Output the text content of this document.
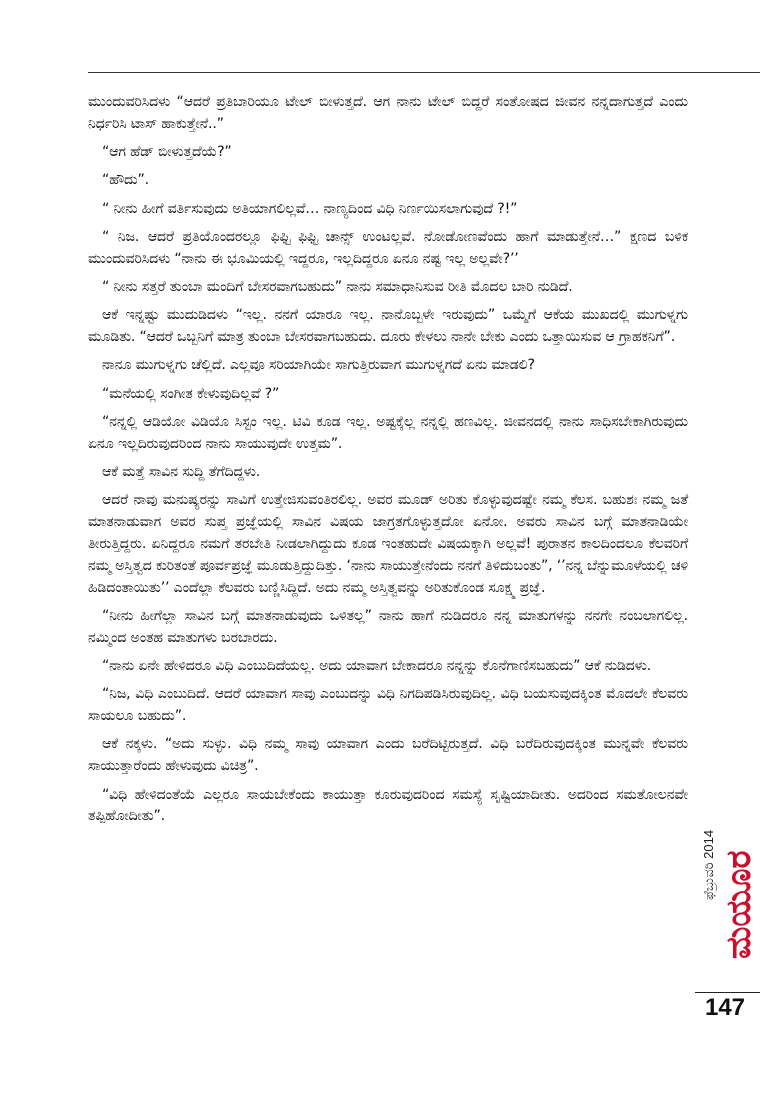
ಮುಂದುವರಿಸಿದಳು “ಆದರೆ ಪ್ರತಿಬಾರಿಯೂ ಟೇಲ್ ಬೀಳುತ್ತದೆ. ಆಗ ನಾನು ಟೇಲ್ ಬಿದ್ದರೆ ಸಂತೋಷದ ಜೀವನ ನನ್ನದಾಗುತ್ತದೆ ಎಂದು ನಿರ್ಧರಿಸಿ ಟಾಸ್ ಹಾಕುತ್ತೇನೆ..”

“ಆಗ ಹೆಡ್ ಬೀಳುತ್ತದೆಯೆ?”

“ಹೌದು”.

“ ನೀನು ಹೀಗೆ ವರ್ತಿಸುವುದು ಅತಿಯಾಗಲಿಲ್ಲವೆ… ನಾಣ್ಯದಿಂದ ವಿಧಿ ನಿರ್ಣಯಿಸಲಾಗುವುದೆ ?!”

“ ನಿಜ. ಆದರೆ ಪ್ರತಿಯೊಂದರಲ್ಲೂ ಫಿಫ್ಟಿ ಫಿಫ್ಟಿ ಚಾನ್ಸ್ ಉಂಟಲ್ಲವೆ. ನೋಡೋಣವೆಂದು ಹಾಗೆ ಮಾಡುತ್ತೇನೆ…” ಕ್ಷಣದ ಬಳಿಕ ಮುಂದುವರಿಸಿದಳು “ನಾನು ಈ ಭೂಮಿಯಲ್ಲಿ ಇದ್ದರೂ, ಇಲ್ಲದಿದ್ದರೂ ಏನೂ ನಷ್ಟ ಇಲ್ಲ ಅಲ್ಲವೇ?’’

“ ನೀನು ಸತ್ತರೆ ತುಂಬಾ ಮಂದಿಗೆ ಬೇಸರವಾಗಬಹುದು” ನಾನು ಸಮಾಧಾನಿಸುವ ರೀತಿ ಮೊದಲ ಬಾರಿ ನುಡಿದೆ.

ಆಕೆ ಇನ್ನಷ್ಟು ಮುದುಡಿದಳು “ಇಲ್ಲ. ನನಗೆ ಯಾರೂ ಇಲ್ಲ. ನಾನೊಬ್ಬಳೇ ಇರುವುದು” ಒಮ್ಮೆಗೆ ಆಕೆಯ ಮುಖದಲ್ಲಿ ಮುಗುಳ್ನಗು ಮೂಡಿತು. “ಆದರೆ ಒಬ್ಬನಿಗೆ ಮಾತ್ರ ತುಂಬಾ ಬೇಸರವಾಗಬಹುದು. ದೂರು ಕೇಳಲು ನಾನೇ ಬೇಕು ಎಂದು ಒತ್ತಾಯಿಸುವ ಆ ಗ್ರಾಹಕನಿಗೆ”.

ನಾನೂ ಮುಗುಳ್ನಗು ಚೆಲ್ಲಿದೆ. ಎಲ್ಲವೂ ಸರಿಯಾಗಿಯೇ ಸಾಗುತ್ತಿರುವಾಗ ಮುಗುಳ್ನಗದೆ ಏನು ಮಾಡಲಿ?

“ಮನೆಯಲ್ಲಿ ಸಂಗೀತ ಕೇಳುವುದಿಲ್ಲವೆ ?”

“ನನ್ನಲ್ಲಿ ಆಡಿಯೋ ವಿಡಿಯೊ ಸಿಸ್ಟಂ ಇಲ್ಲ. ಟಿವಿ ಕೂಡ ಇಲ್ಲ. ಅಷ್ಟಕ್ಕೆಲ್ಲ ನನ್ನಲ್ಲಿ ಹಣವಿಲ್ಲ. ಜೀವನದಲ್ಲಿ ನಾನು ಸಾಧಿಸಬೇಕಾಗಿರುವುದು ಏನೂ ಇಲ್ಲದಿರುವುದರಿಂದ ನಾನು ಸಾಯುವುದೇ ಉತ್ತಮ”.

ಆಕೆ ಮತ್ತೆ ಸಾವಿನ ಸುದ್ದಿ ತೆಗೆದಿದ್ದಳು.

ಆದರೆ ನಾವು ಮನುಷ್ಯರನ್ನು ಸಾವಿಗೆ ಉತ್ತೇಜಿಸುವಂತಿರಲಿಲ್ಲ. ಅವರ ಮೂಡ್ ಅರಿತು ಕೊಳ್ಳುವುದಷ್ಟೇ ನಮ್ಮ ಕೆಲಸ. ಬಹುಶಃ ನಮ್ಮ ಜತೆ ಮಾತನಾಡುವಾಗ ಅವರ ಸುಪ್ತ ಪ್ರಜ್ಞೆಯಲ್ಲಿ ಸಾವಿನ ವಿಷಯ ಜಾಗ್ರತಗೊಳ್ಳುತ್ತದೋ ಏನೋ. ಅವರು ಸಾವಿನ ಬಗ್ಗೆ ಮಾತನಾಡಿಯೇ ತೀರುತ್ತಿದ್ದರು. ಏನಿದ್ದರೂ ನಮಗೆ ತರಬೇತಿ ನೀಡಲಾಗಿದ್ದುದು ಕೂಡ ಇಂತಹುದೇ ವಿಷಯಕ್ಕಾಗಿ ಅಲ್ಲವೆ! ಪುರಾತನ ಕಾಲದಿಂದಲೂ ಕೆಲವರಿಗೆ ನಮ್ಮ ಅಸ್ತಿತ್ವದ ಕುರಿತಂತೆ ಪೂರ್ವಪ್ರಜ್ಞೆ ಮೂಡುತ್ತಿದ್ದುದಿತ್ತು. ‘ನಾನು ಸಾಯುತ್ತೇನೆಂದು ನನಗೆ ತಿಳಿದುಬಂತು”, ‘’ನನ್ನ ಬೆನ್ನುಮೂಳೆಯಲ್ಲಿ ಚಳಿ ಹಿಡಿದಂತಾಯಿತು’’ ಎಂದೆಲ್ಲಾ ಕೆಲವರು ಬಣ್ಣಿಸಿದ್ದಿದೆ. ಅದು ನಮ್ಮ ಅಸ್ತಿತ್ವವನ್ನು ಅರಿತುಕೊಂಡ ಸೂಕ್ಷ್ಮ ಪ್ರಜ್ಞೆ.

“ನೀನು ಹೀಗೆಲ್ಲಾ ಸಾವಿನ ಬಗ್ಗೆ ಮಾತನಾಡುವುದು ಒಳಿತಲ್ಲ” ನಾನು ಹಾಗೆ ನುಡಿದರೂ ನನ್ನ ಮಾತುಗಳನ್ನು ನನಗೇ ನಂಬಲಾಗಲಿಲ್ಲ. ನಮ್ಮಿಂದ ಅಂತಹ ಮಾತುಗಳು ಬರಬಾರದು.

“ನಾನು ಏನೇ ಹೇಳಿದರೂ ವಿಧಿ ಎಂಬುದಿದೆಯಲ್ಲ. ಅದು ಯಾವಾಗ ಬೇಕಾದರೂ ನನ್ನನ್ನು ಕೊನೆಗಾಣಿಸಬಹುದು” ಆಕೆ ನುಡಿದಳು.

“ನಿಜ, ವಿಧಿ ಎಂಬುದಿದೆ. ಆದರೆ ಯಾವಾಗ ಸಾವು ಎಂಬುದನ್ನು ವಿಧಿ ನಿಗದಿಪಡಿಸಿರುವುದಿಲ್ಲ. ವಿಧಿ ಬಯಸುವುದಕ್ಕಿಂತ ಮೊದಲೇ ಕೆಲವರು ಸಾಯಲೂ ಬಹುದು”.

ಆಕೆ ನಕ್ಕಳು. “ಅದು ಸುಳ್ಳು. ವಿಧಿ ನಮ್ಮ ಸಾವು ಯಾವಾಗ ಎಂದು ಬರೆದಿಟ್ಟಿರುತ್ತದೆ. ವಿಧಿ ಬರೆದಿರುವುದಕ್ಕಿಂತ ಮುನ್ನವೇ ಕೆಲವರು ಸಾಯುತ್ತಾರೆಂದು ಹೇಳುವುದು ವಿಚಿತ್ರ”.

“ವಿಧಿ ಹೇಳಿದಂತೆಯೆ ಎಲ್ಲರೂ ಸಾಯಬೇಕೆಂದು ಕಾಯುತ್ತಾ ಕೂರುವುದರಿಂದ ಸಮಸ್ಯೆ ಸೃಷ್ಟಿಯಾದೀತು. ಅದರಿಂದ ಸಮತೋಲನವೇ ತಪ್ಪಿಹೋದೀತು”.

ಫೆಬ್ರುವರಿ 2014 ಮಯೂರ
147
